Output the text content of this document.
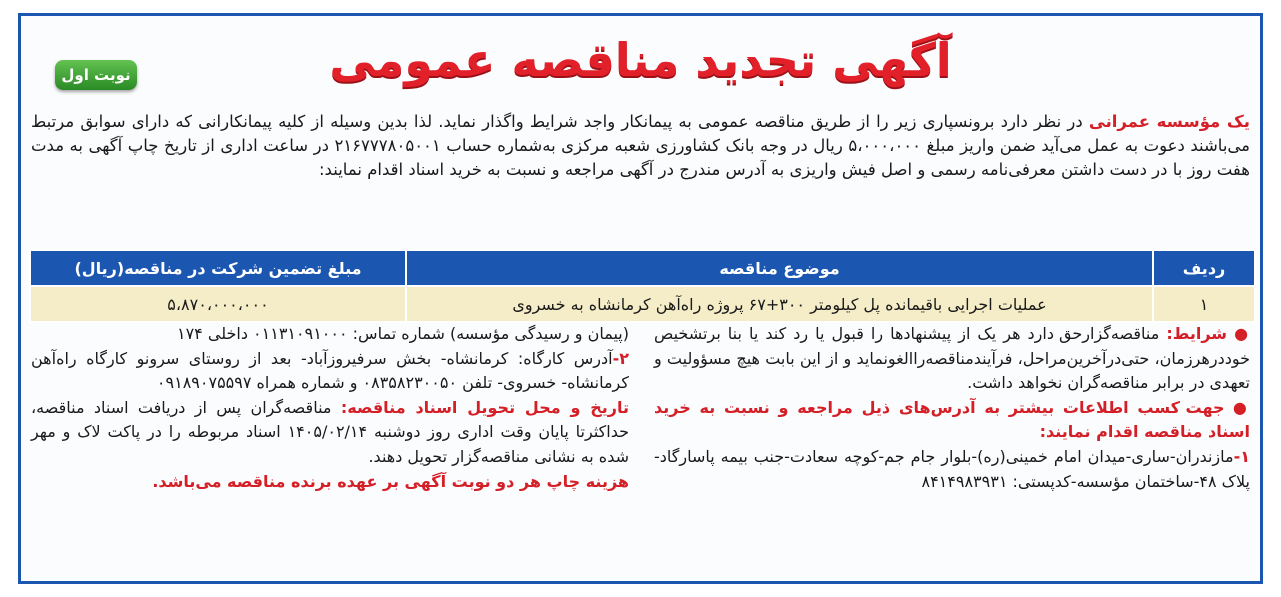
آگهی تجدید مناقصه عمومی
نوبت اول
یک مؤسسه عمرانی در نظر دارد برونسپاری زیر را از طریق مناقصه عمومی به پیمانکار واجد شرایط واگذار نماید. لذا بدین وسیله از کلیه پیمانکارانی که دارای سوابق مرتبط می‌باشند دعوت به عمل می‌آید ضمن واریز مبلغ ۵،۰۰۰،۰۰۰ ریال در وجه بانک کشاورزی شعبه مرکزی به‌شماره حساب ۲۱۶۷۷۷۸۰۵۰۰۱ در ساعت اداری از تاریخ چاپ آگهی به مدت هفت روز با در دست داشتن معرفی‌نامه رسمی و اصل فیش واریزی به آدرس مندرج در آگهی مراجعه و نسبت به خرید اسناد اقدام نمایند:
ردیف	موضوع مناقصه	مبلغ تضمین شرکت در مناقصه(ریال)
۱	عملیات اجرایی باقیمانده پل کیلومتر ۳۰۰+۶۷ پروژه راه‌آهن کرمانشاه به خسروی	۵،۸۷۰،۰۰۰،۰۰۰

● شرایط: مناقصه‌گزارحق دارد هر یک از پیشنهادها را قبول یا رد کند یا بنا برتشخیص خوددرهرزمان، حتی‌درآخرین‌مراحل، فرآیندمناقصه‌راالغونماید و از این بابت هیچ مسؤولیت و تعهدی در برابر مناقصه‌گران نخواهد داشت.

● جهت کسب اطلاعات بیشتر به آدرس‌های ذیل مراجعه و نسبت به خرید اسناد مناقصه اقدام نمایند:

۱-مازندران-ساری-میدان امام خمینی(ره)-بلوار جام جم-کوچه سعادت-جنب بیمه پاسارگاد-پلاک ۴۸-ساختمان مؤسسه-کدپستی: ۸۴۱۴۹۸۳۹۳۱

(پیمان و رسیدگی مؤسسه) شماره تماس: ۰۱۱۳۱۰۹۱۰۰۰ داخلی ۱۷۴

۲-آدرس کارگاه: کرمانشاه- بخش سرفیروزآباد- بعد از روستای سرونو کارگاه راه‌آهن کرمانشاه- خسروی- تلفن ۰۸۳۵۸۲۳۰۰۵۰ و شماره همراه ۰۹۱۸۹۰۷۵۵۹۷

تاریخ و محل تحویل اسناد مناقصه: مناقصه‌گران پس از دریافت اسناد مناقصه، حداکثرتا پایان وقت اداری روز دوشنبه ۱۴۰۵/۰۲/۱۴ اسناد مربوطه را در پاکت لاک و مهر شده به نشانی مناقصه‌گزار تحویل دهند.

هزینه چاپ هر دو نوبت آگهی بر عهده برنده مناقصه می‌باشد.
